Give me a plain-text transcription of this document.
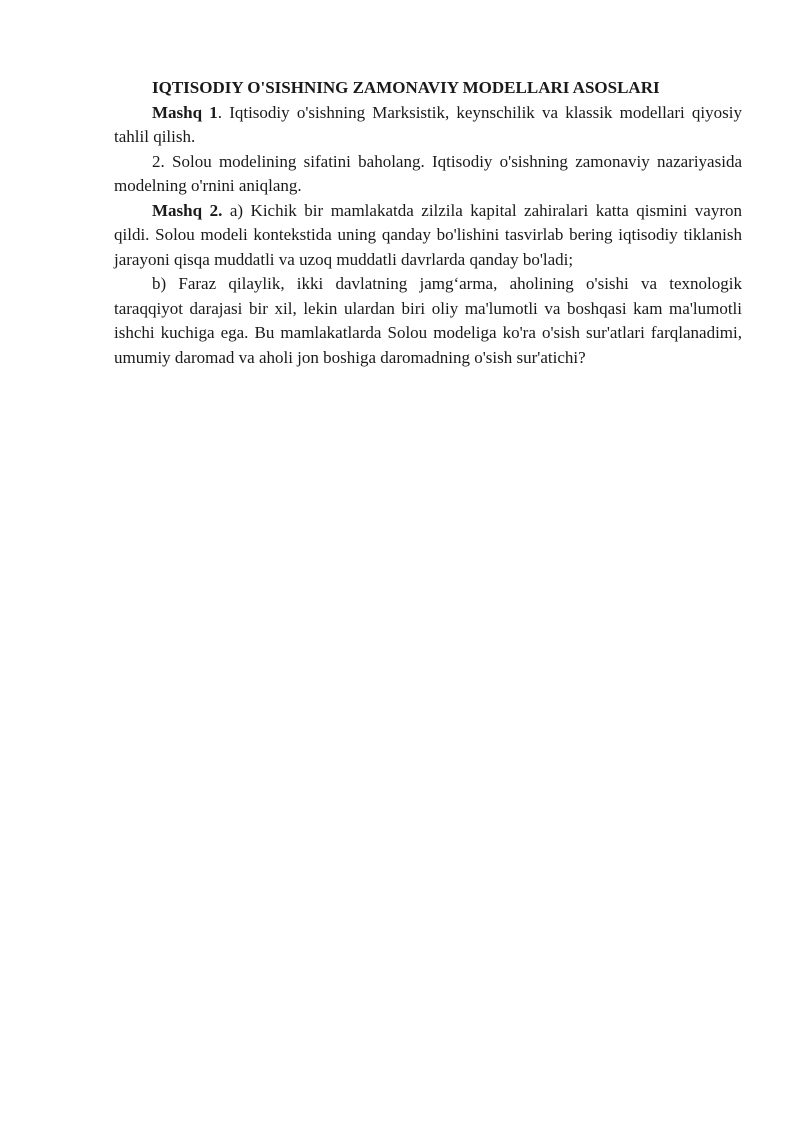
IQTISODIY O'SISHNING ZAMONAVIY MODELLARI ASOSLARI

Mashq 1. Iqtisodiy o'sishning Marksistik, keynschilik va klassik modellari qiyosiy tahlil qilish.

2. Solou modelining sifatini baholang. Iqtisodiy o'sishning zamonaviy nazariyasida modelning o'rnini aniqlang.

Mashq 2. a) Kichik bir mamlakatda zilzila kapital zahiralari katta qismini vayron qildi. Solou modeli kontekstida uning qanday bo'lishini tasvirlab bering iqtisodiy tiklanish jarayoni qisqa muddatli va uzoq muddatli davrlarda qanday bo'ladi;

b) Faraz qilaylik, ikki davlatning jamg‘arma, aholining o'sishi va texnologik taraqqiyot darajasi bir xil, lekin ulardan biri oliy ma'lumotli va boshqasi kam ma'lumotli ishchi kuchiga ega. Bu mamlakatlarda Solou modeliga ko'ra o'sish sur'atlari farqlanadimi, umumiy daromad va aholi jon boshiga daromadning o'sish sur'atichi?
